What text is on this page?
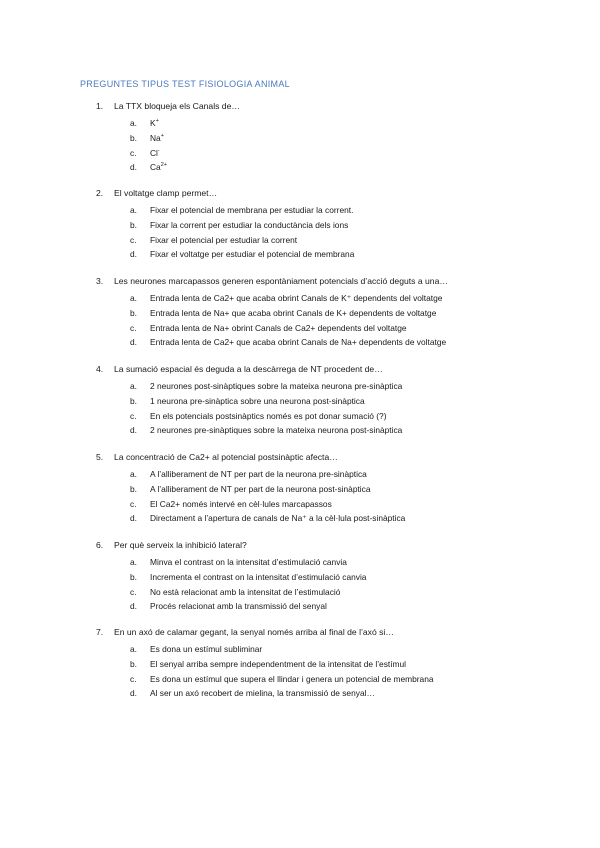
PREGUNTES TIPUS TEST FISIOLOGIA ANIMAL
1.	La TTX bloqueja els Canals de…
a.	K+
b.	Na+
c.	Cl-
d.	$Ca^{2+}$
2.	El voltatge clamp permet…
a.	Fixar el potencial de membrana per estudiar la corrent.
b.	Fixar la corrent per estudiar la conductància dels ions
c.	Fixar el potencial per estudiar la corrent
d.	Fixar el voltatge per estudiar el potencial de membrana
3.	Les neurones marcapassos generen espontàniament potencials d’acció deguts a una…
a.	Entrada lenta de Ca2+ que acaba obrint Canals de K⁺ dependents del voltatge
b.	Entrada lenta de Na+ que acaba obrint Canals de K+ dependents de voltatge
c.	Entrada lenta de Na+ obrint Canals de Ca2+ dependents del voltatge
d.	Entrada lenta de Ca2+ que acaba obrint Canals de Na+ dependents de voltatge
4.	La sumació espacial és deguda a la descàrrega de NT procedent de…
a.	2 neurones post-sinàptiques sobre la mateixa neurona pre-sinàptica
b.	1 neurona pre-sinàptica sobre una neurona post-sinàptica
c.	En els potencials postsinàptics només es pot donar sumació (?)
d.	2 neurones pre-sinàptiques sobre la mateixa neurona post-sinàptica
5.	La concentració de Ca2+ al potencial postsinàptic afecta…
a.	A l’alliberament de NT per part de la neurona pre-sinàptica
b.	A l’alliberament de NT per part de la neurona post-sinàptica
c.	El Ca2+ només intervé en cèl·lules marcapassos
d.	Directament a l’apertura de canals de Na⁺ a la cèl·lula post-sinàptica
6.	Per què serveix la inhibició lateral?
a.	Minva el contrast on la intensitat d’estimulació canvia
b.	Incrementa el contrast on la intensitat d’estimulació canvia
c.	No està relacionat amb la intensitat de l’estimulació
d.	Procés relacionat amb la transmissió del senyal
7.	En un axó de calamar gegant, la senyal només arriba al final de l’axó si…
a.	Es dona un estímul subliminar
b.	El senyal arriba sempre independentment de la intensitat de l’estímul
c.	Es dona un estímul que supera el llindar i genera un potencial de membrana
d.	Al ser un axó recobert de mielina, la transmissió de senyal…
